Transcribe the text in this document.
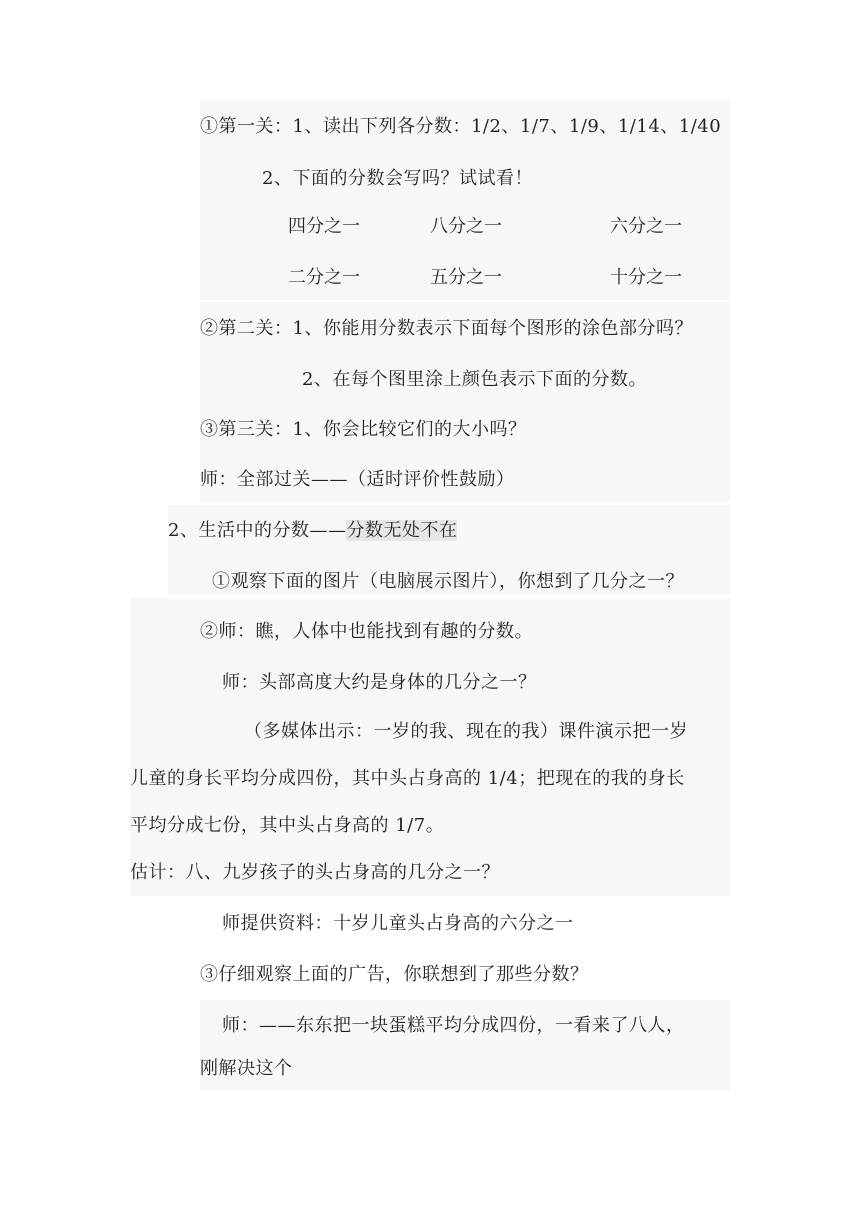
①第一关：1、读出下列各分数：1/2、1/7、1/9、1/14、1/40
2、下面的分数会写吗？试试看！
四分之一	八分之一	六分之一
二分之一	五分之一	十分之一
②第二关：1、你能用分数表示下面每个图形的涂色部分吗？
2、在每个图里涂上颜色表示下面的分数。
③第三关：1、你会比较它们的大小吗？
师：全部过关——（适时评价性鼓励）
2、生活中的分数——分数无处不在
①观察下面的图片（电脑展示图片），你想到了几分之一？
②师：瞧，人体中也能找到有趣的分数。
师：头部高度大约是身体的几分之一？
（多媒体出示：一岁的我、现在的我）课件演示把一岁
儿童的身长平均分成四份，其中头占身高的 1/4；把现在的我的身长
平均分成七份，其中头占身高的 1/7。
估计：八、九岁孩子的头占身高的几分之一？
师提供资料：十岁儿童头占身高的六分之一
③仔细观察上面的广告，你联想到了那些分数？
师：——东东把一块蛋糕平均分成四份，一看来了八人，
刚解决这个
